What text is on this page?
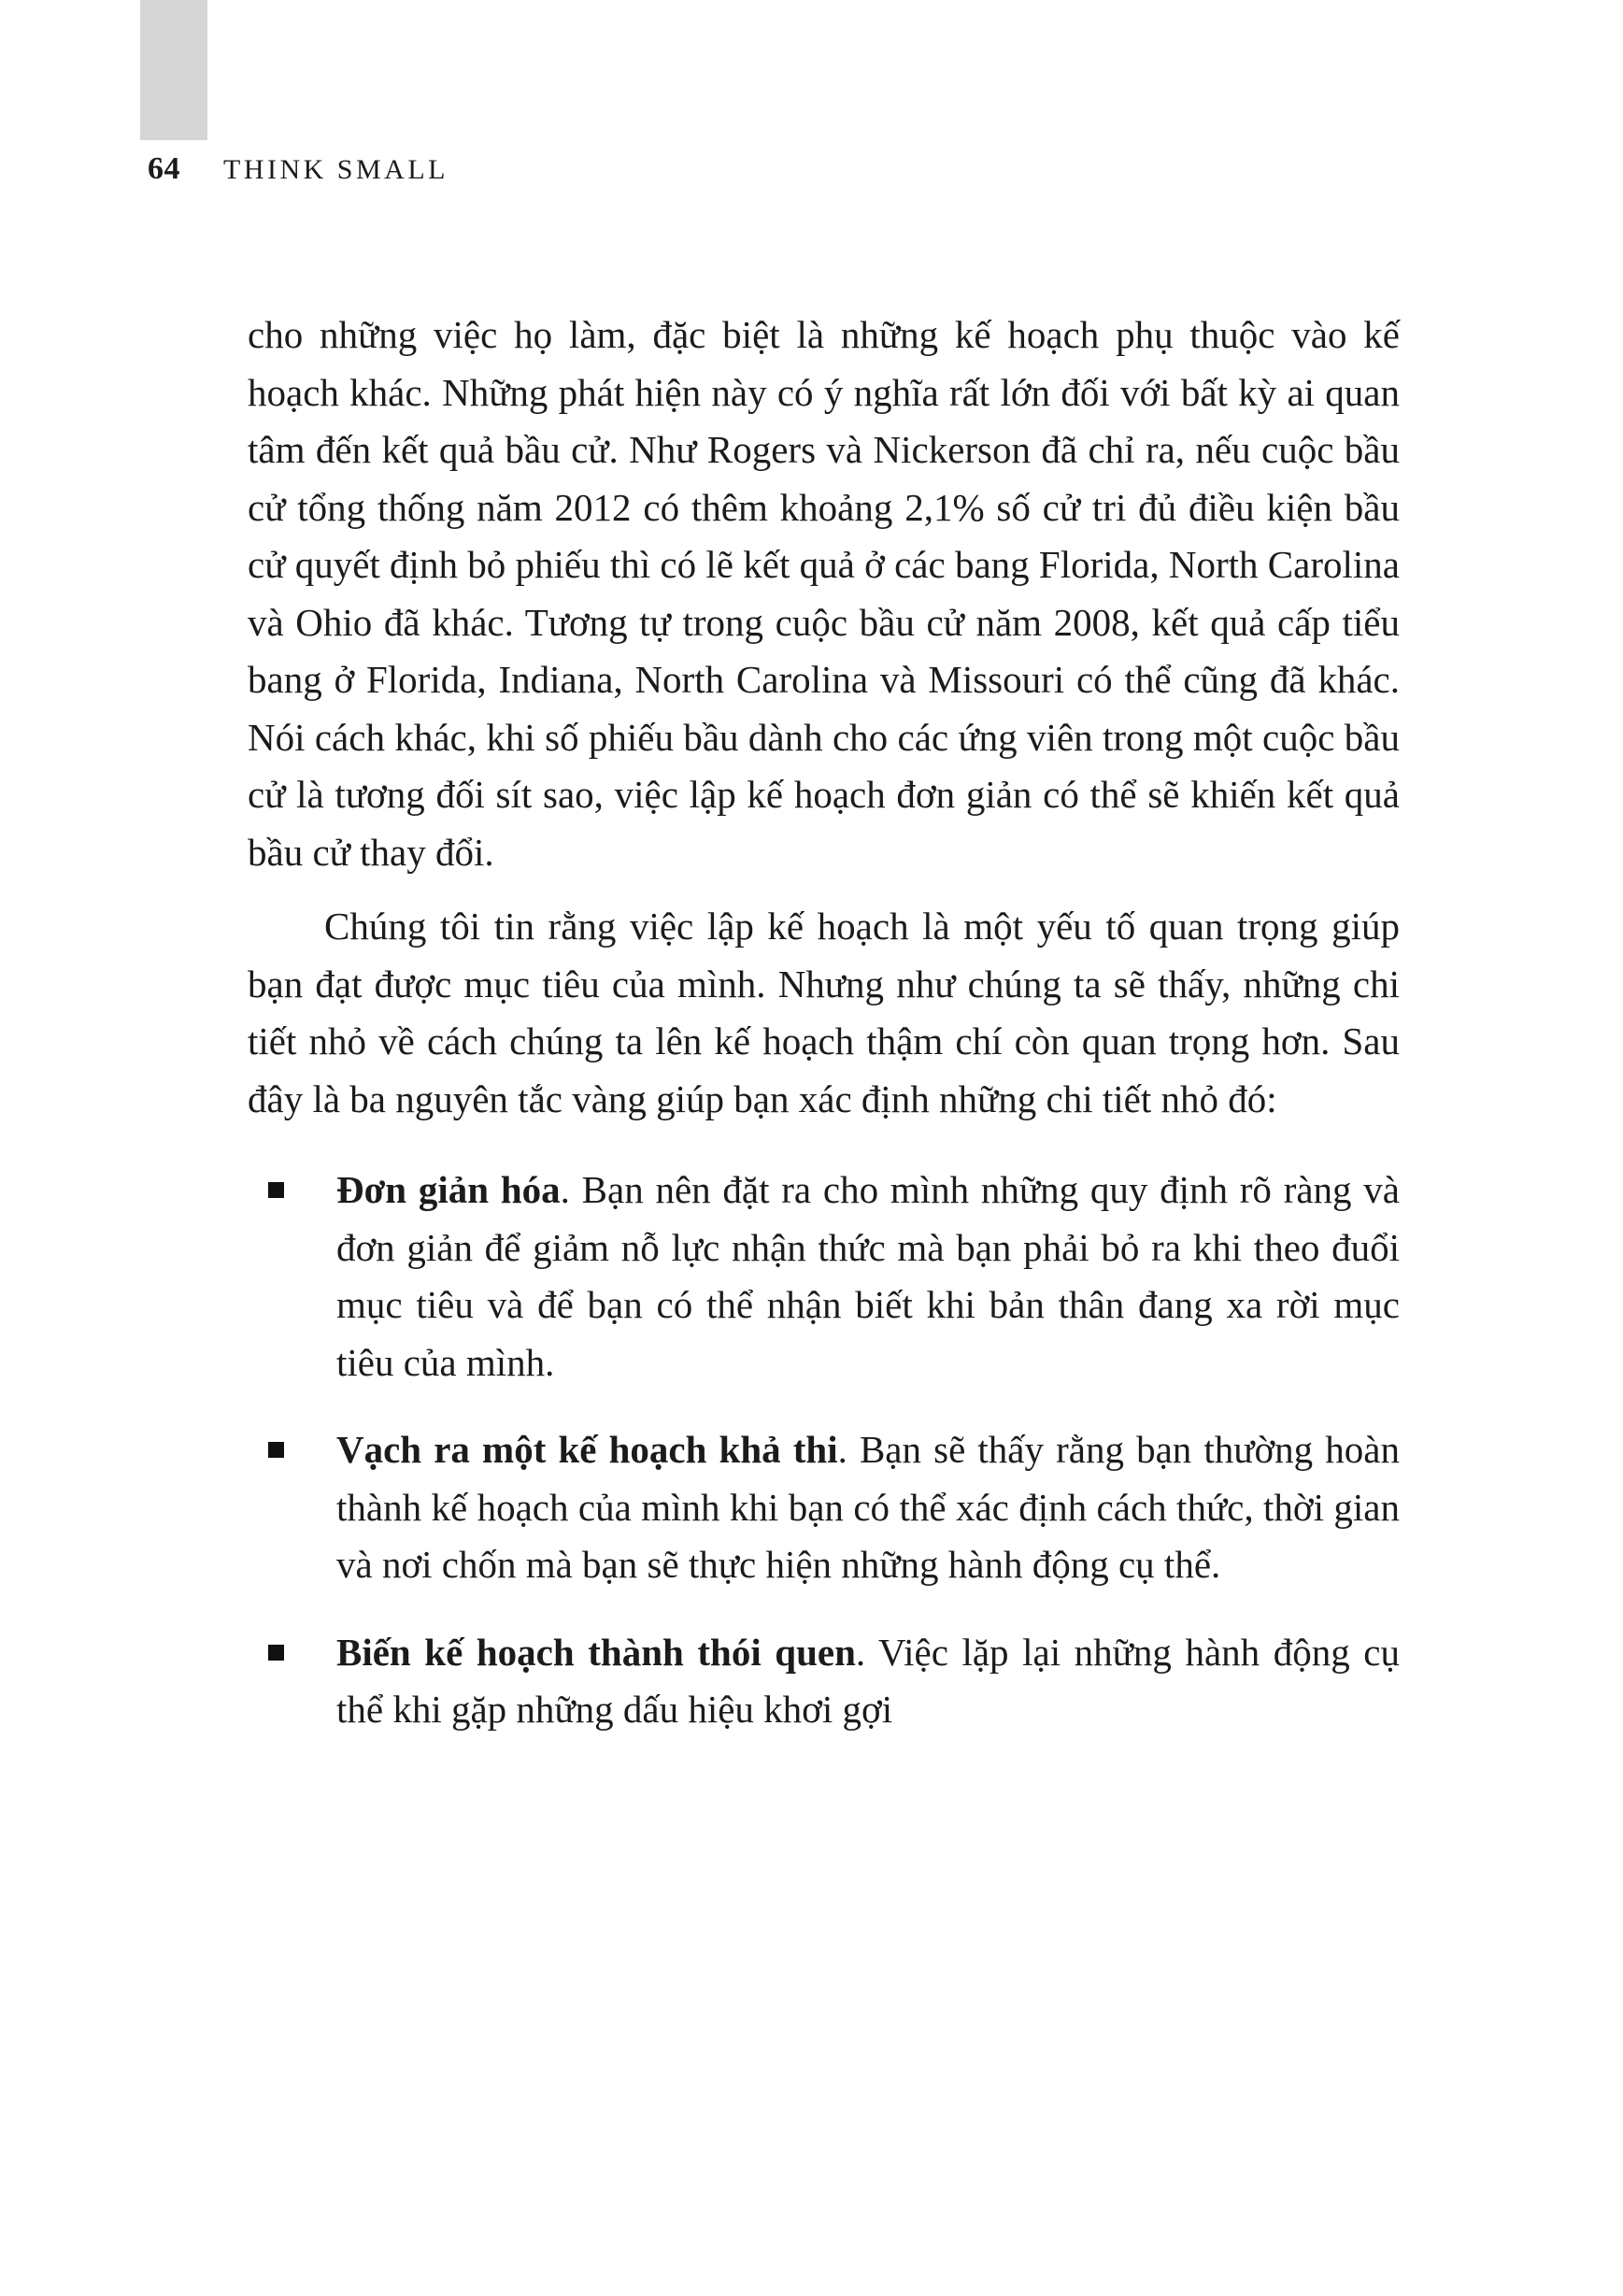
64 THINK SMALL

cho những việc họ làm, đặc biệt là những kế hoạch phụ thuộc vào kế hoạch khác. Những phát hiện này có ý nghĩa rất lớn đối với bất kỳ ai quan tâm đến kết quả bầu cử. Như Rogers và Nickerson đã chỉ ra, nếu cuộc bầu cử tổng thống năm 2012 có thêm khoảng 2,1% số cử tri đủ điều kiện bầu cử quyết định bỏ phiếu thì có lẽ kết quả ở các bang Florida, North Carolina và Ohio đã khác. Tương tự trong cuộc bầu cử năm 2008, kết quả cấp tiểu bang ở Florida, Indiana, North Carolina và Missouri có thể cũng đã khác. Nói cách khác, khi số phiếu bầu dành cho các ứng viên trong một cuộc bầu cử là tương đối sít sao, việc lập kế hoạch đơn giản có thể sẽ khiến kết quả bầu cử thay đổi.

Chúng tôi tin rằng việc lập kế hoạch là một yếu tố quan trọng giúp bạn đạt được mục tiêu của mình. Nhưng như chúng ta sẽ thấy, những chi tiết nhỏ về cách chúng ta lên kế hoạch thậm chí còn quan trọng hơn. Sau đây là ba nguyên tắc vàng giúp bạn xác định những chi tiết nhỏ đó:

Đơn giản hóa. Bạn nên đặt ra cho mình những quy định rõ ràng và đơn giản để giảm nỗ lực nhận thức mà bạn phải bỏ ra khi theo đuổi mục tiêu và để bạn có thể nhận biết khi bản thân đang xa rời mục tiêu của mình.
Vạch ra một kế hoạch khả thi. Bạn sẽ thấy rằng bạn thường hoàn thành kế hoạch của mình khi bạn có thể xác định cách thức, thời gian và nơi chốn mà bạn sẽ thực hiện những hành động cụ thể.
Biến kế hoạch thành thói quen. Việc lặp lại những hành động cụ thể khi gặp những dấu hiệu khơi gợi
